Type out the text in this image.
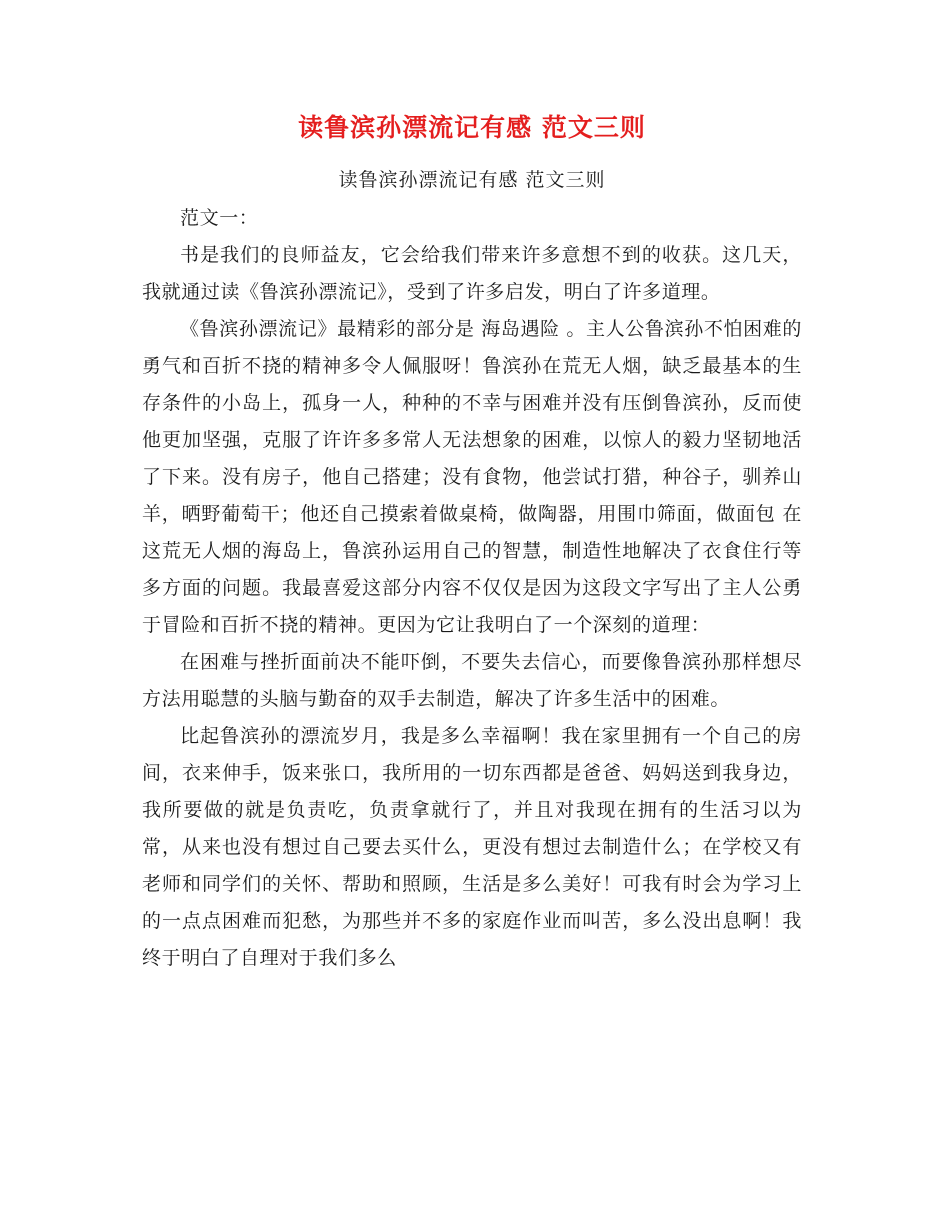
读鲁滨孙漂流记有感 范文三则
读鲁滨孙漂流记有感 范文三则

范文一：

书是我们的良师益友，它会给我们带来许多意想不到的收获。这几天，我就通过读《鲁滨孙漂流记》，受到了许多启发，明白了许多道理。

《鲁滨孙漂流记》最精彩的部分是 海岛遇险 。主人公鲁滨孙不怕困难的勇气和百折不挠的精神多令人佩服呀！鲁滨孙在荒无人烟，缺乏最基本的生存条件的小岛上，孤身一人，种种的不幸与困难并没有压倒鲁滨孙，反而使他更加坚强，克服了许许多多常人无法想象的困难，以惊人的毅力坚韧地活了下来。没有房子，他自己搭建；没有食物，他尝试打猎，种谷子，驯养山羊，晒野葡萄干；他还自己摸索着做桌椅，做陶器，用围巾筛面，做面包 在这荒无人烟的海岛上，鲁滨孙运用自己的智慧，制造性地解决了衣食住行等多方面的问题。我最喜爱这部分内容不仅仅是因为这段文字写出了主人公勇于冒险和百折不挠的精神。更因为它让我明白了一个深刻的道理：

在困难与挫折面前决不能吓倒，不要失去信心，而要像鲁滨孙那样想尽方法用聪慧的头脑与勤奋的双手去制造，解决了许多生活中的困难。

比起鲁滨孙的漂流岁月，我是多么幸福啊！我在家里拥有一个自己的房间，衣来伸手，饭来张口，我所用的一切东西都是爸爸、妈妈送到我身边，我所要做的就是负责吃，负责拿就行了，并且对我现在拥有的生活习以为常，从来也没有想过自己要去买什么，更没有想过去制造什么；在学校又有老师和同学们的关怀、帮助和照顾，生活是多么美好！可我有时会为学习上的一点点困难而犯愁，为那些并不多的家庭作业而叫苦，多么没出息啊！我终于明白了自理对于我们多么
